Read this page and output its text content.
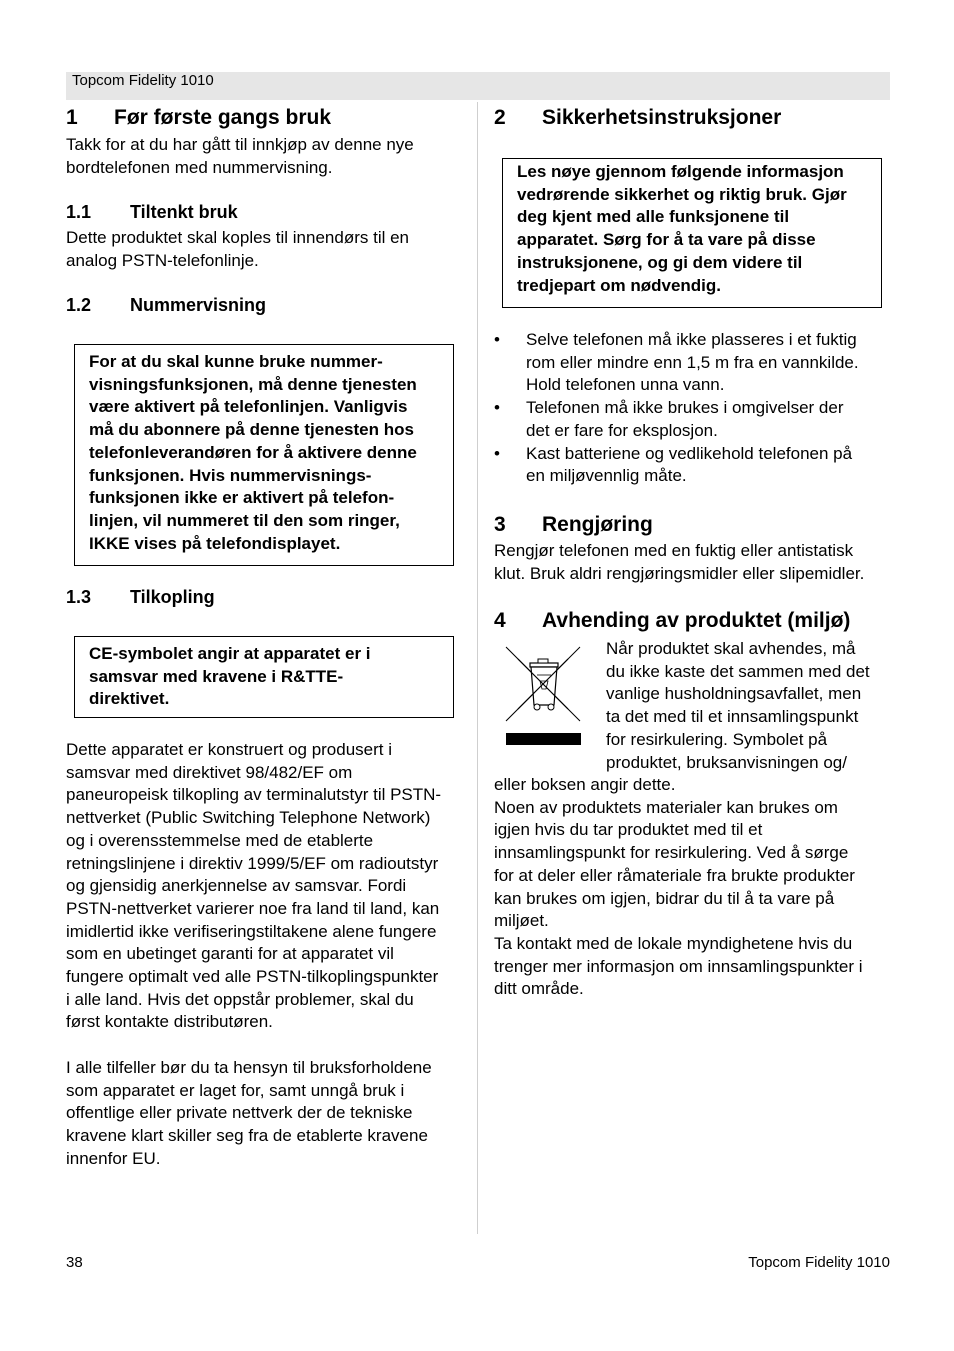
Topcom Fidelity 1010
1 Før første gangs bruk
Takk for at du har gått til innkjøp av denne nye
bordtelefonen med nummervisning.
1.1 Tiltenkt bruk
Dette produktet skal koples til innendørs til en
analog PSTN-telefonlinje.
1.2 Nummervisning
For at du skal kunne bruke nummer-
visningsfunksjonen, må denne tjenesten
være aktivert på telefonlinjen. Vanligvis
må du abonnere på denne tjenesten hos
telefonleverandøren for å aktivere denne
funksjonen. Hvis nummervisnings-
funksjonen ikke er aktivert på telefon-
linjen, vil nummeret til den som ringer,
IKKE vises på telefondisplayet.
1.3 Tilkopling
CE-symbolet angir at apparatet er i
samsvar med kravene i R&TTE-
direktivet.
Dette apparatet er konstruert og produsert i
samsvar med direktivet 98/482/EF om
paneuropeisk tilkopling av terminalutstyr til PSTN-
nettverket (Public Switching Telephone Network)
og i overensstemmelse med de etablerte
retningslinjene i direktiv 1999/5/EF om radioutstyr
og gjensidig anerkjennelse av samsvar. Fordi
PSTN-nettverket varierer noe fra land til land, kan
imidlertid ikke verifiseringstiltakene alene fungere
som en ubetinget garanti for at apparatet vil
fungere optimalt ved alle PSTN-tilkoplingspunkter
i alle land. Hvis det oppstår problemer, skal du
først kontakte distributøren.
I alle tilfeller bør du ta hensyn til bruksforholdene
som apparatet er laget for, samt unngå bruk i
offentlige eller private nettverk der de tekniske
kravene klart skiller seg fra de etablerte kravene
innenfor EU.
2 Sikkerhetsinstruksjoner
Les nøye gjennom følgende informasjon
vedrørende sikkerhet og riktig bruk. Gjør
deg kjent med alle funksjonene til
apparatet. Sørg for å ta vare på disse
instruksjonene, og gi dem videre til
tredjepart om nødvendig.
• Selve telefonen må ikke plasseres i et fuktig
rom eller mindre enn 1,5 m fra en vannkilde.
Hold telefonen unna vann.
• Telefonen må ikke brukes i omgivelser der
det er fare for eksplosjon.
• Kast batteriene og vedlikehold telefonen på
en miljøvennlig måte.
3 Rengjøring
Rengjør telefonen med en fuktig eller antistatisk
klut. Bruk aldri rengjøringsmidler eller slipemidler.
4 Avhending av produktet (miljø)
Når produktet skal avhendes, må
du ikke kaste det sammen med det
vanlige husholdningsavfallet, men
ta det med til et innsamlingspunkt
for resirkulering. Symbolet på
produktet, bruksanvisningen og/
eller boksen angir dette.
Noen av produktets materialer kan brukes om
igjen hvis du tar produktet med til et
innsamlingspunkt for resirkulering. Ved å sørge
for at deler eller råmateriale fra brukte produkter
kan brukes om igjen, bidrar du til å ta vare på
miljøet.
Ta kontakt med de lokale myndighetene hvis du
trenger mer informasjon om innsamlingspunkter i
ditt område.
38	Topcom Fidelity 1010
